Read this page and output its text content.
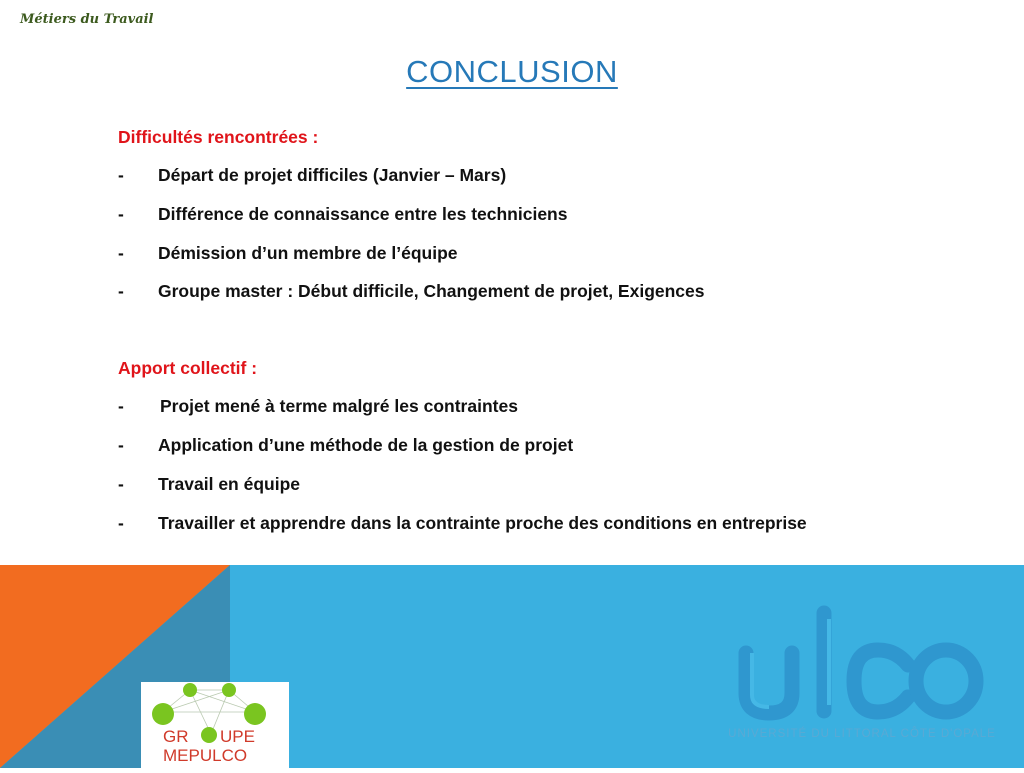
Métiers du Travail
CONCLUSION
Difficultés rencontrées :
-	Départ de projet difficiles (Janvier – Mars)
-	Différence de connaissance entre les techniciens
-	Démission d’un membre de l’équipe
-	Groupe master : Début difficile, Changement de projet, Exigences
Apport collectif :
-	Projet mené à terme malgré les contraintes
-	Application d’une méthode de la gestion de projet
-	Travail en équipe
-	Travailler et apprendre dans la contrainte proche des conditions en entreprise
GR UPE
MEPULCO
UNIVERSITÉ DU LITTORAL CÔTE D'OPALE
